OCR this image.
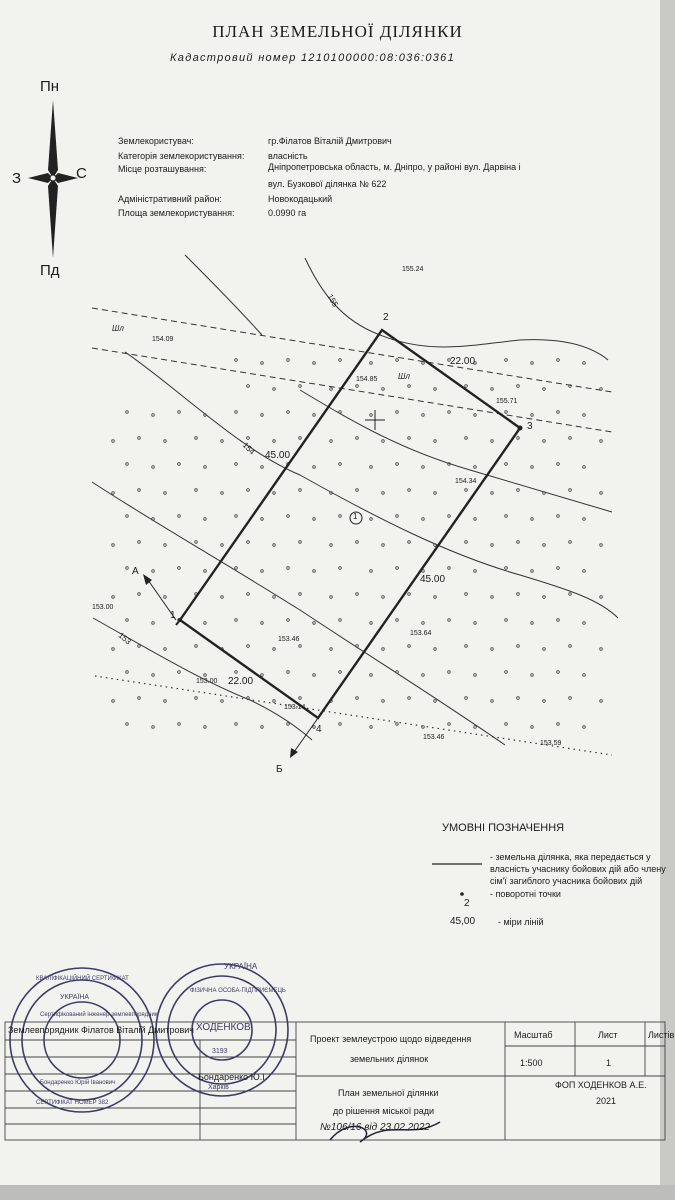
ПЛАН ЗЕМЕЛЬНОЇ ДІЛЯНКИ
Кадастровий номер 1210100000:08:036:0361
Пн
Пд
З	С
Землекористувач:	гр.Філатов Віталій Дмитрович
Категорія землекористування:	власність
Місце розташування:	Дніпропетровська область, м. Дніпро, у районі вул. Дарвіна і
вул. Бузкової ділянка № 622
Адміністративний район:	Новокодацький
Площа землекористування:	0.0990 га
2
3
1
4
22.00
45.00
45.00
22.00
1
155.24
154.09
154.85
155.71
154.34
153.00
153.46
153.64
153.00
153.14
153.46
153.59
155
154
153
Шл
Шл
А
Б
УМОВНІ ПОЗНАЧЕННЯ
- земельна ділянка, яка передається у
власність учаснику бойових дій або члену
сім'ї загиблого учасника бойових дій
2
- поворотні точки
45,00	- міри ліній
УКРАЇНА
Сертифікований інженер-землевпорядник
Бондаренко Юрій Іванович
СЕРТИФІКАТ НОМЕР 382
КВАЛІФІКАЦІЙНИЙ СЕРТИФІКАТ
УКРАЇНА
ФІЗИЧНА ОСОБА-ПІДПРИЄМЕЦЬ
ХОДЕНКОВ
Харків
3193
Землевпорядник Філатов Віталій Дмитрович
Бондаренко Ю.І.
Проект землеустрою щодо відведення
земельних ділянок
Масштаб	Лист	Листів
1:500	1
План земельної ділянки
до рішення міської ради
№106/16 від 23.02.2022
ФОП ХОДЕНКОВ А.Е.
2021
